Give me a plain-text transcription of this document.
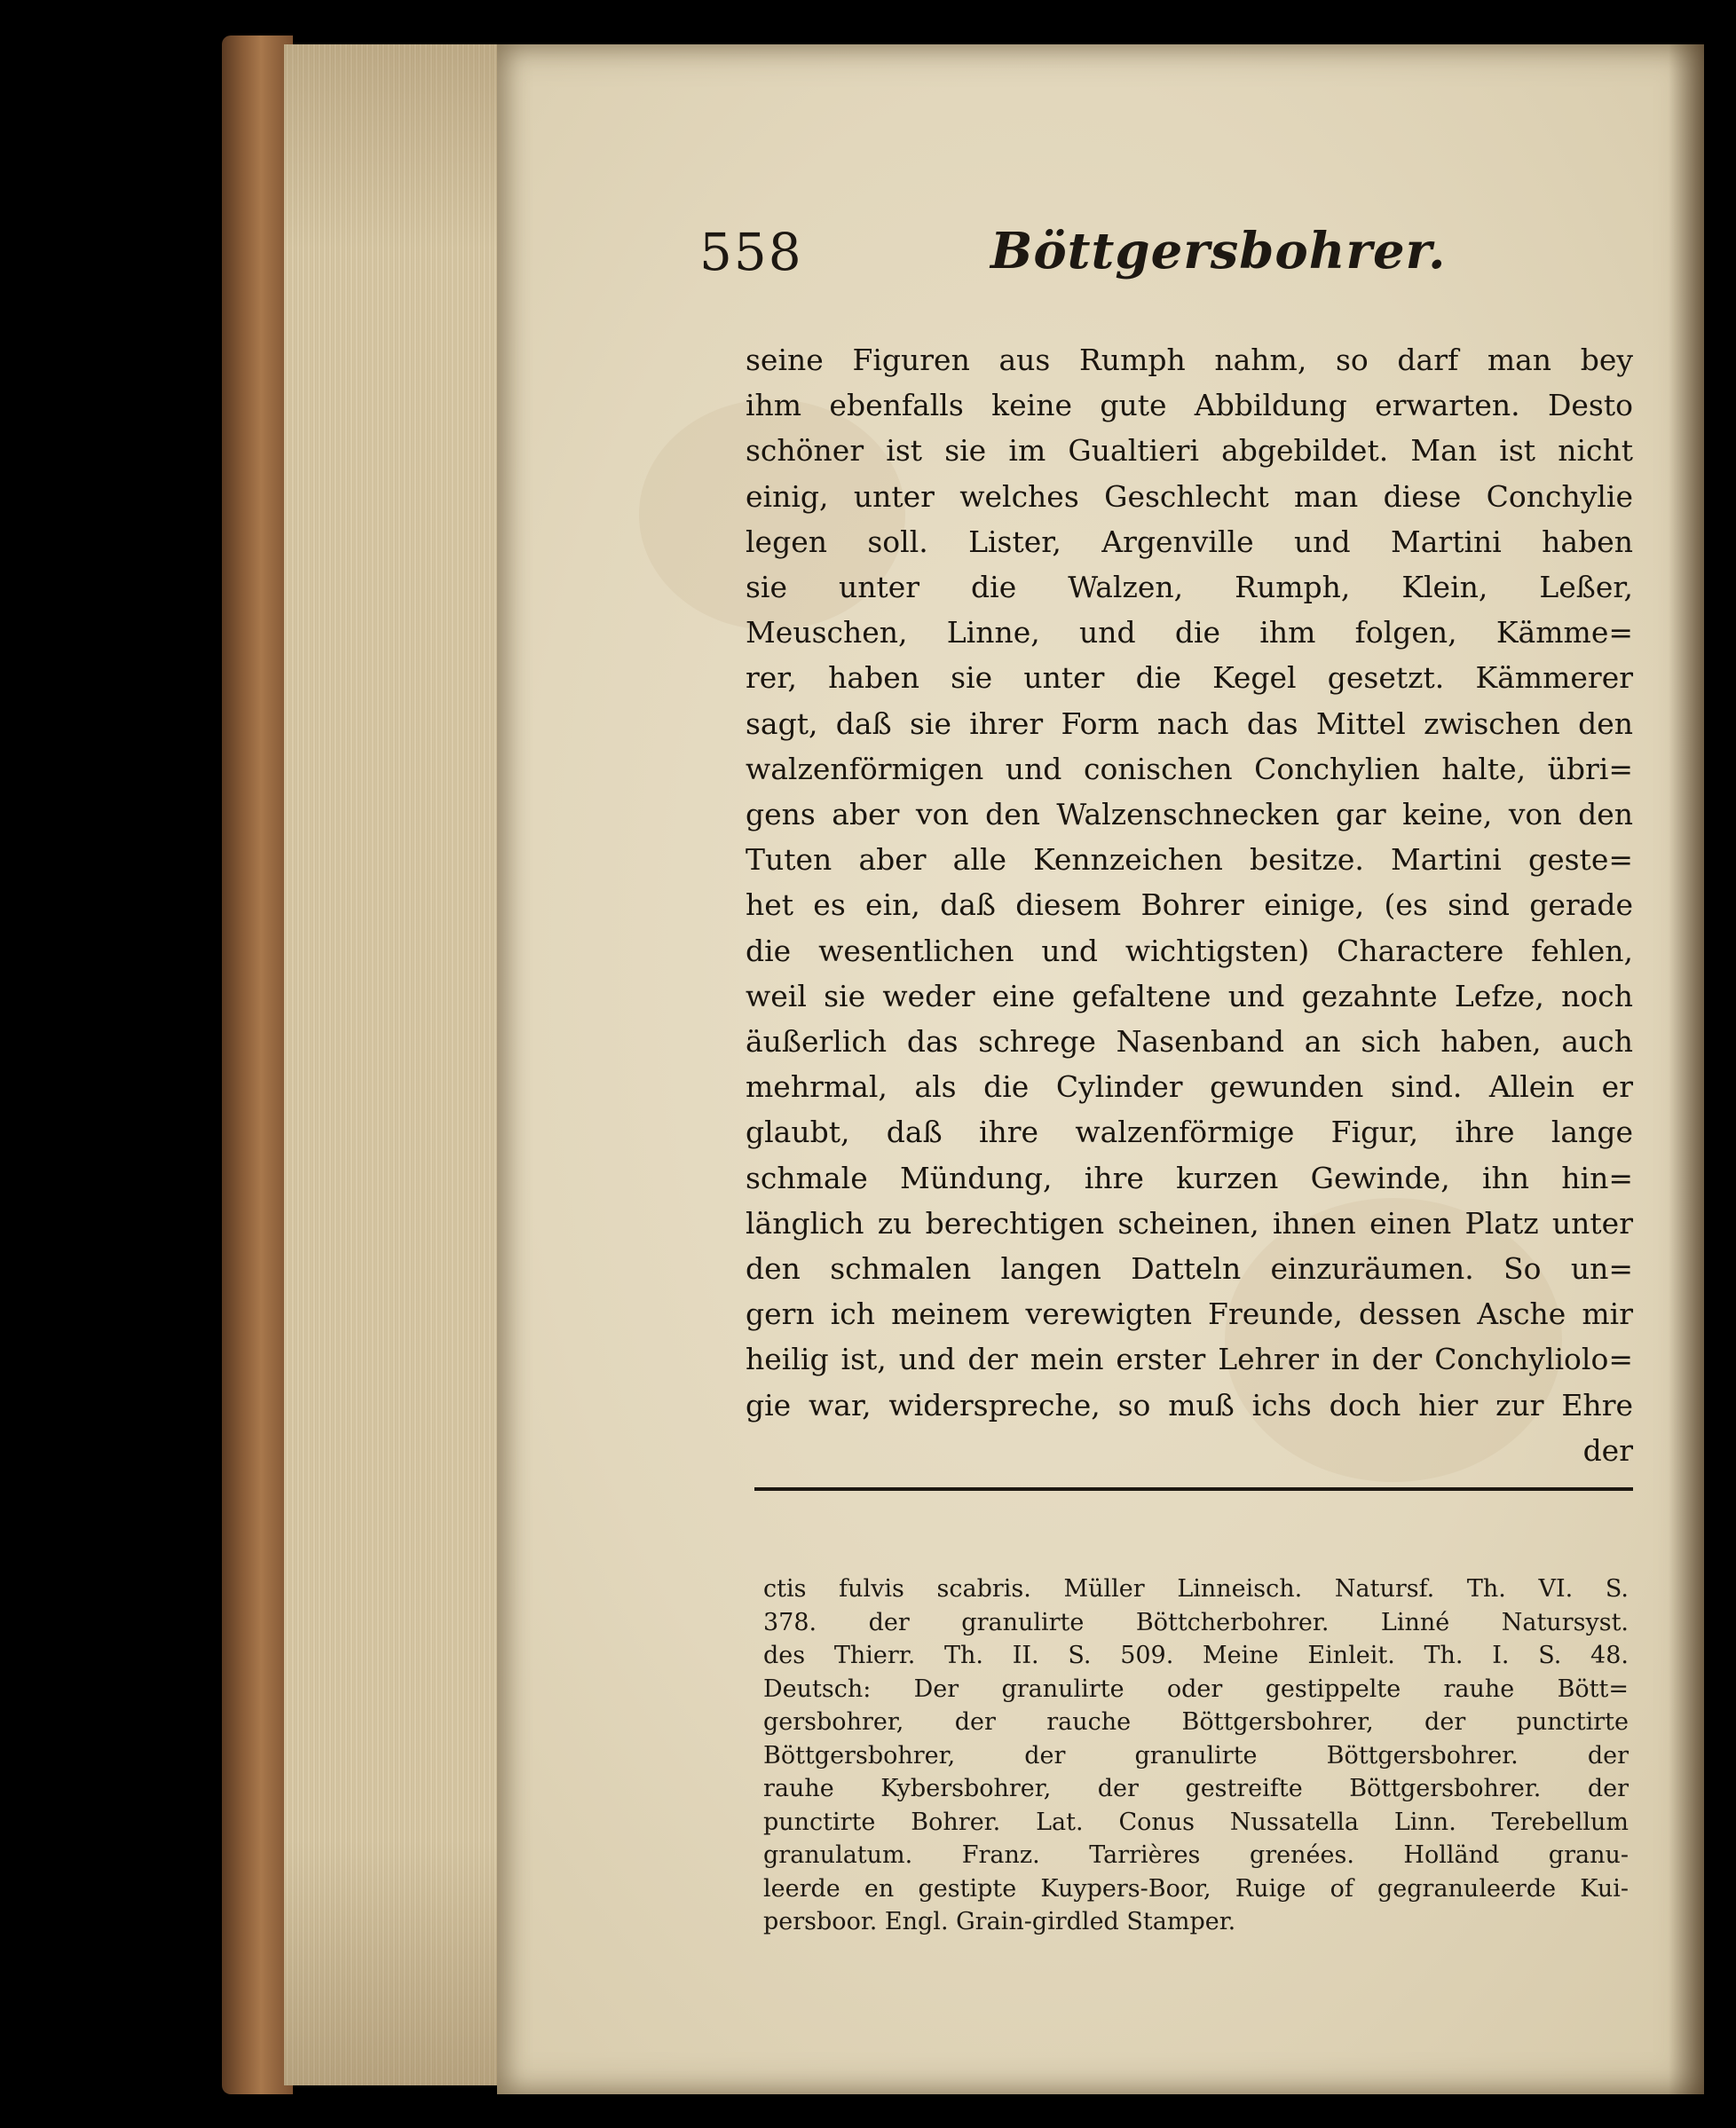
558	Böttgersbohrer.
seine Figuren aus Rumph nahm, so darf man bey
ihm ebenfalls keine gute Abbildung erwarten. Desto
schöner ist sie im Gualtieri abgebildet. Man ist nicht
einig, unter welches Geschlecht man diese Conchylie
legen soll. Lister, Argenville und Martini haben
sie unter die Walzen, Rumph, Klein, Leßer,
Meuschen, Linne, und die ihm folgen, Kämme=
rer, haben sie unter die Kegel gesetzt. Kämmerer
sagt, daß sie ihrer Form nach das Mittel zwischen den
walzenförmigen und conischen Conchylien halte, übri=
gens aber von den Walzenschnecken gar keine, von den
Tuten aber alle Kennzeichen besitze. Martini geste=
het es ein, daß diesem Bohrer einige, (es sind gerade
die wesentlichen und wichtigsten) Charactere fehlen,
weil sie weder eine gefaltene und gezahnte Lefze, noch
äußerlich das schrege Nasenband an sich haben, auch
mehrmal, als die Cylinder gewunden sind. Allein er
glaubt, daß ihre walzenförmige Figur, ihre lange
schmale Mündung, ihre kurzen Gewinde, ihn hin=
länglich zu berechtigen scheinen, ihnen einen Platz unter
den schmalen langen Datteln einzuräumen. So un=
gern ich meinem verewigten Freunde, dessen Asche mir
heilig ist, und der mein erster Lehrer in der Conchyliolo=
gie war, widerspreche, so muß ichs doch hier zur Ehre
der
ctis fulvis scabris. Müller Linneisch. Natursf. Th. VI. S.
378. der granulirte Böttcherbohrer. Linné Natursyst.
des Thierr. Th. II. S. 509. Meine Einleit. Th. I. S. 48.
Deutsch: Der granulirte oder gestippelte rauhe Bött=
gersbohrer, der rauche Böttgersbohrer, der punctirte
Böttgersbohrer, der granulirte Böttgersbohrer. der
rauhe Kybersbohrer, der gestreifte Böttgersbohrer. der
punctirte Bohrer. Lat. Conus Nussatella Linn. Terebellum
granulatum. Franz. Tarrières grenées. Holländ granu-
leerde en gestipte Kuypers-Boor, Ruige of gegranuleerde Kui-
persboor. Engl. Grain-girdled Stamper.
